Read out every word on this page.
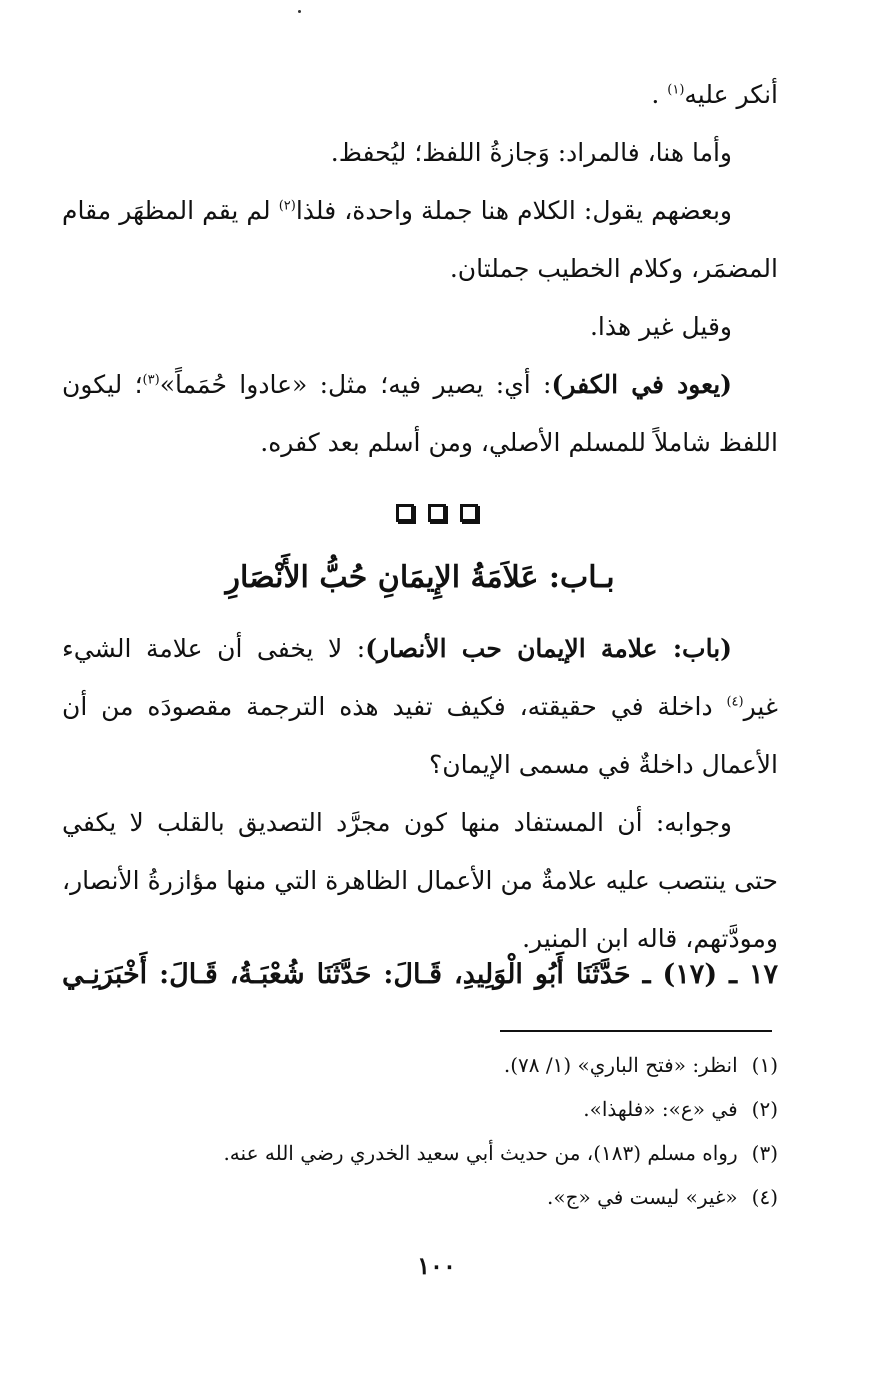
أنكر عليه$^{(١)}$ .

وأما هنا، فالمراد: وَجازةُ اللفظ؛ ليُحفظ.

وبعضهم يقول: الكلام هنا جملة واحدة، فلذا$^{(٢)}$ لم يقم المظهَر مقام المضمَر، وكلام الخطيب جملتان.

وقيل غير هذا.

(يعود في الكفر): أي: يصير فيه؛ مثل: «عادوا حُمَماً»$^{(٣)}$؛ ليكون اللفظ شاملاً للمسلم الأصلي، ومن أسلم بعد كفره.

بـاب: عَلاَمَةُ الإِيمَانِ حُبُّ الأَنْصَارِ

(باب: علامة الإيمان حب الأنصار): لا يخفى أن علامة الشيء غير$^{(٤)}$ داخلة في حقيقته، فكيف تفيد هذه الترجمة مقصودَه من أن الأعمال داخلةٌ في مسمى الإيمان؟

وجوابه: أن المستفاد منها كون مجرَّد التصديق بالقلب لا يكفي حتى ينتصب عليه علامةٌ من الأعمال الظاهرة التي منها مؤازرةُ الأنصار، ومودَّتهم، قاله ابن المنير.

١٧ ـ (١٧) ـ حَدَّثَنَا أَبُو الْوَلِيدِ، قَـالَ: حَدَّثَنَا شُعْبَـةُ، قَـالَ: أَخْبَرَنِـي

(١)انظر: «فتح الباري» (١/ ٧٨).

(٢)في «ع»: «فلهذا».

(٣)رواه مسلم (١٨٣)، من حديث أبي سعيد الخدري رضي الله عنه.

(٤)«غير» ليست في «ج».

١٠٠
